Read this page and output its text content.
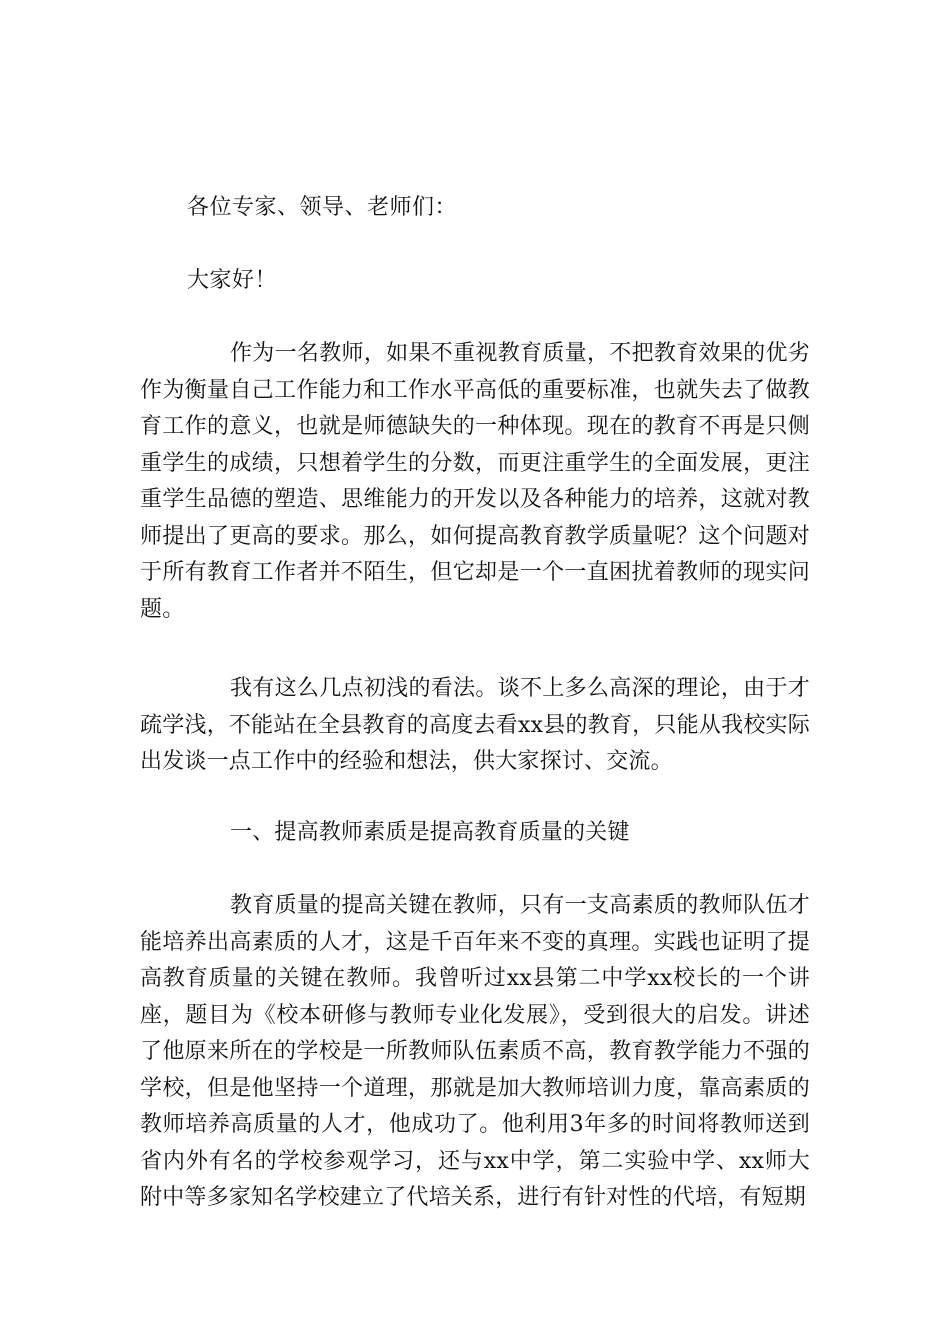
各位专家、领导、老师们：
大家好！
作为一名教师，如果不重视教育质量，不把教育效果的优劣作为衡量自己工作能力和工作水平高低的重要标准，也就失去了做教育工作的意义，也就是师德缺失的一种体现。现在的教育不再是只侧重学生的成绩，只想着学生的分数，而更注重学生的全面发展，更注重学生品德的塑造、思维能力的开发以及各种能力的培养，这就对教师提出了更高的要求。那么，如何提高教育教学质量呢？这个问题对于所有教育工作者并不陌生，但它却是一个一直困扰着教师的现实问题。
我有这么几点初浅的看法。谈不上多么高深的理论，由于才疏学浅，不能站在全县教育的高度去看xx县的教育，只能从我校实际出发谈一点工作中的经验和想法，供大家探讨、交流。
一、提高教师素质是提高教育质量的关键
教育质量的提高关键在教师，只有一支高素质的教师队伍才能培养出高素质的人才，这是千百年来不变的真理。实践也证明了提高教育质量的关键在教师。我曾听过xx县第二中学xx校长的一个讲座，题目为《校本研修与教师专业化发展》，受到很大的启发。讲述了他原来所在的学校是一所教师队伍素质不高，教育教学能力不强的学校，但是他坚持一个道理，那就是加大教师培训力度，靠高素质的教师培养高质量的人才，他成功了。他利用3年多的时间将教师送到省内外有名的学校参观学习，还与xx中学，第二实验中学、xx师大附中等多家知名学校建立了代培关系，进行有针对性的代培，有短期
